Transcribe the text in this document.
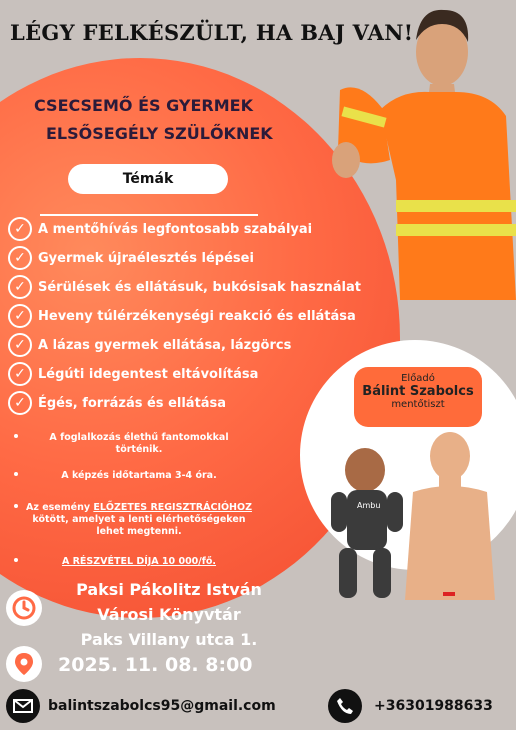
LÉGY FELKÉSZÜLT, HA BAJ VAN!
CSECSEMŐ ÉS GYERMEK
ELSŐSEGÉLY SZÜLŐKNEK
Témák
✓ A mentőhívás legfontosabb szabályai
✓ Gyermek újraélesztés lépései
✓ Sérülések és ellátásuk, bukósisak használat
✓ Heveny túlérzékenységi reakció és ellátása
✓ A lázas gyermek ellátása, lázgörcs
✓ Légúti idegentest eltávolítása
✓ Égés, forrázás és ellátása
A foglalkozás élethű fantomokkal történik.
A képzés időtartama 3-4 óra.
Az esemény ELŐZETES REGISZTRÁCIÓHOZ kötött, amelyet a lenti elérhetőségeken lehet megtenni.
A RÉSZVÉTEL DÍJA 10 000/fő.
Előadó
Bálint Szabolcs
mentőtiszt
Ambu
Paksi Pákolitz István
Városi Könyvtár
Paks Villany utca 1.
2025. 11. 08. 8:00
balintszabolcs95@gmail.com	+36301988633
